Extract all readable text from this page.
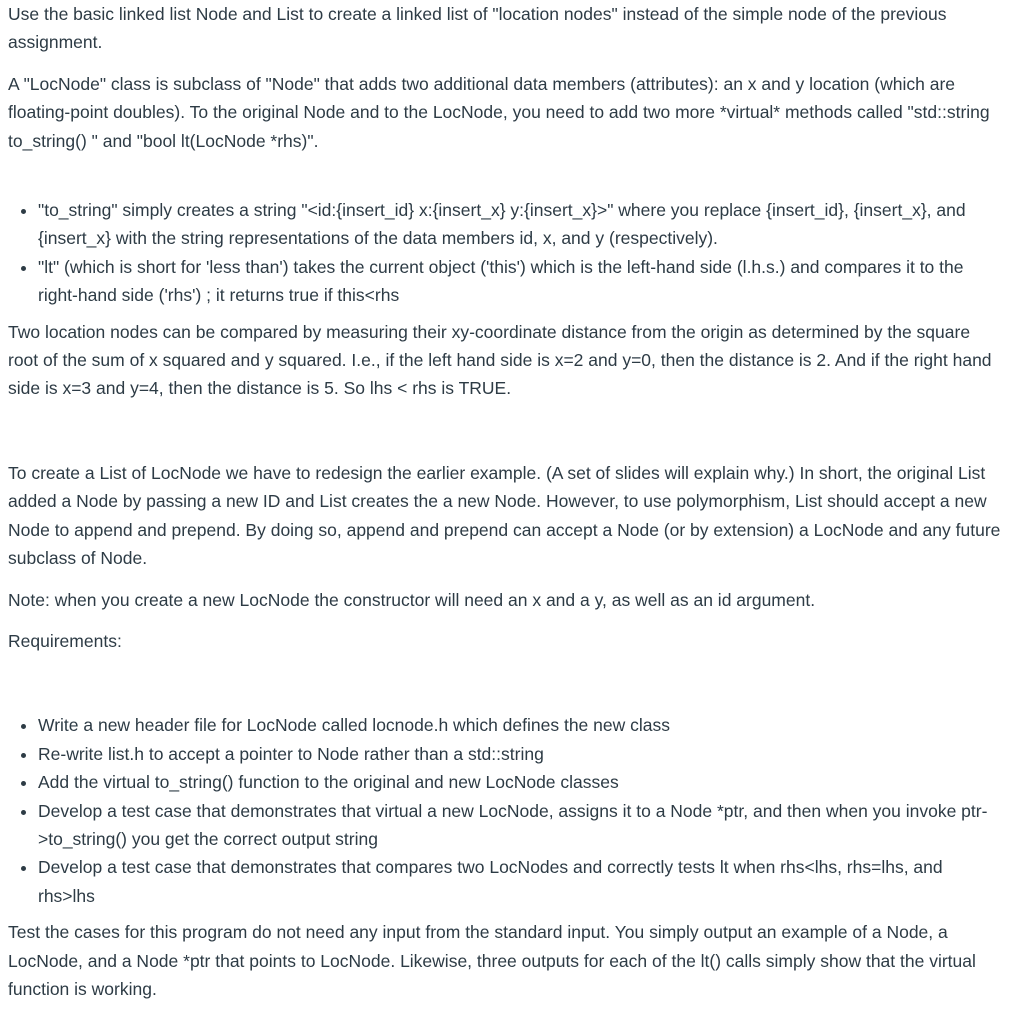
Use the basic linked list Node and List to create a linked list of "location nodes" instead of the simple node of the previous assignment.

A "LocNode" class is subclass of "Node" that adds two additional data members (attributes): an x and y location (which are floating-point doubles). To the original Node and to the LocNode, you need to add two more *virtual* methods called "std::string to_string() " and "bool lt(LocNode *rhs)".

• "to_string" simply creates a string "<id:{insert_id} x:{insert_x} y:{insert_x}>" where you replace {insert_id}, {insert_x}, and {insert_x} with the string representations of the data members id, x, and y (respectively).
• "lt" (which is short for 'less than') takes the current object ('this') which is the left-hand side (l.h.s.) and compares it to the right-hand side ('rhs') ; it returns true if this<rhs

Two location nodes can be compared by measuring their xy-coordinate distance from the origin as determined by the square root of the sum of x squared and y squared. I.e., if the left hand side is x=2 and y=0, then the distance is 2. And if the right hand side is x=3 and y=4, then the distance is 5. So lhs < rhs is TRUE.

To create a List of LocNode we have to redesign the earlier example. (A set of slides will explain why.) In short, the original List added a Node by passing a new ID and List creates the a new Node. However, to use polymorphism, List should accept a new Node to append and prepend. By doing so, append and prepend can accept a Node (or by extension) a LocNode and any future subclass of Node.

Note: when you create a new LocNode the constructor will need an x and a y, as well as an id argument.

Requirements:

• Write a new header file for LocNode called locnode.h which defines the new class
• Re-write list.h to accept a pointer to Node rather than a std::string
• Add the virtual to_string() function to the original and new LocNode classes
• Develop a test case that demonstrates that virtual a new LocNode, assigns it to a Node *ptr, and then when you invoke ptr->to_string() you get the correct output string
• Develop a test case that demonstrates that compares two LocNodes and correctly tests lt when rhs<lhs, rhs=lhs, and rhs>lhs

Test the cases for this program do not need any input from the standard input. You simply output an example of a Node, a LocNode, and a Node *ptr that points to LocNode. Likewise, three outputs for each of the lt() calls simply show that the virtual function is working.
